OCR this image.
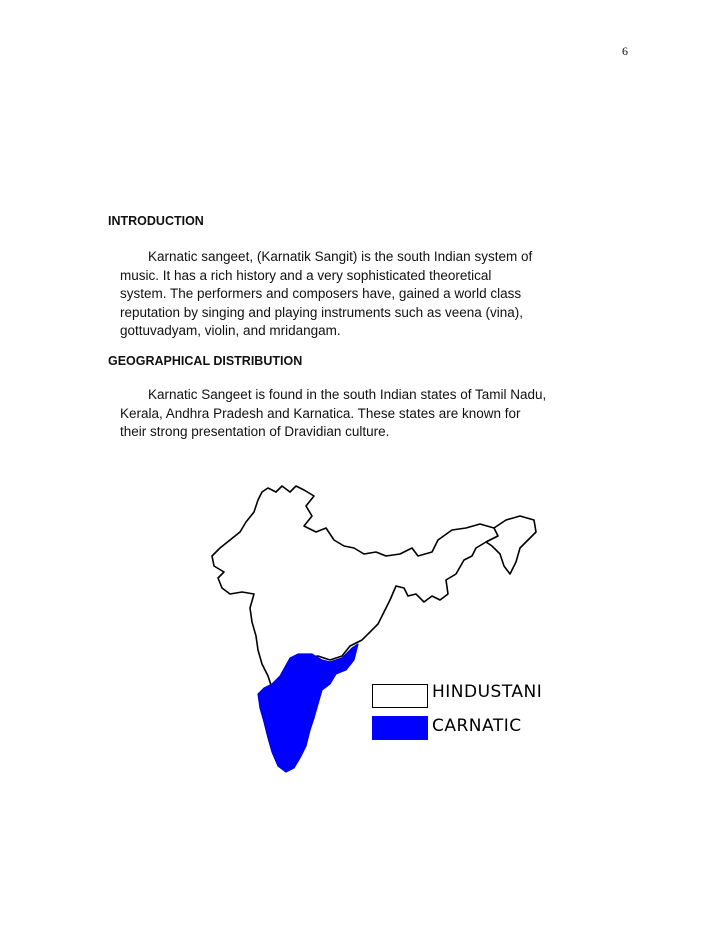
6
INTRODUCTION

Karnatic sangeet, (Karnatik Sangit) is the south Indian system of
music. It has a rich history and a very sophisticated theoretical
system. The performers and composers have, gained a world class
reputation by singing and playing instruments such as veena (vina),
gottuvadyam, violin, and mridangam.

GEOGRAPHICAL DISTRIBUTION

Karnatic Sangeet is found in the south Indian states of Tamil Nadu,
Kerala, Andhra Pradesh and Karnatica. These states are known for
their strong presentation of Dravidian culture.

HINDUSTANI
CARNATIC
